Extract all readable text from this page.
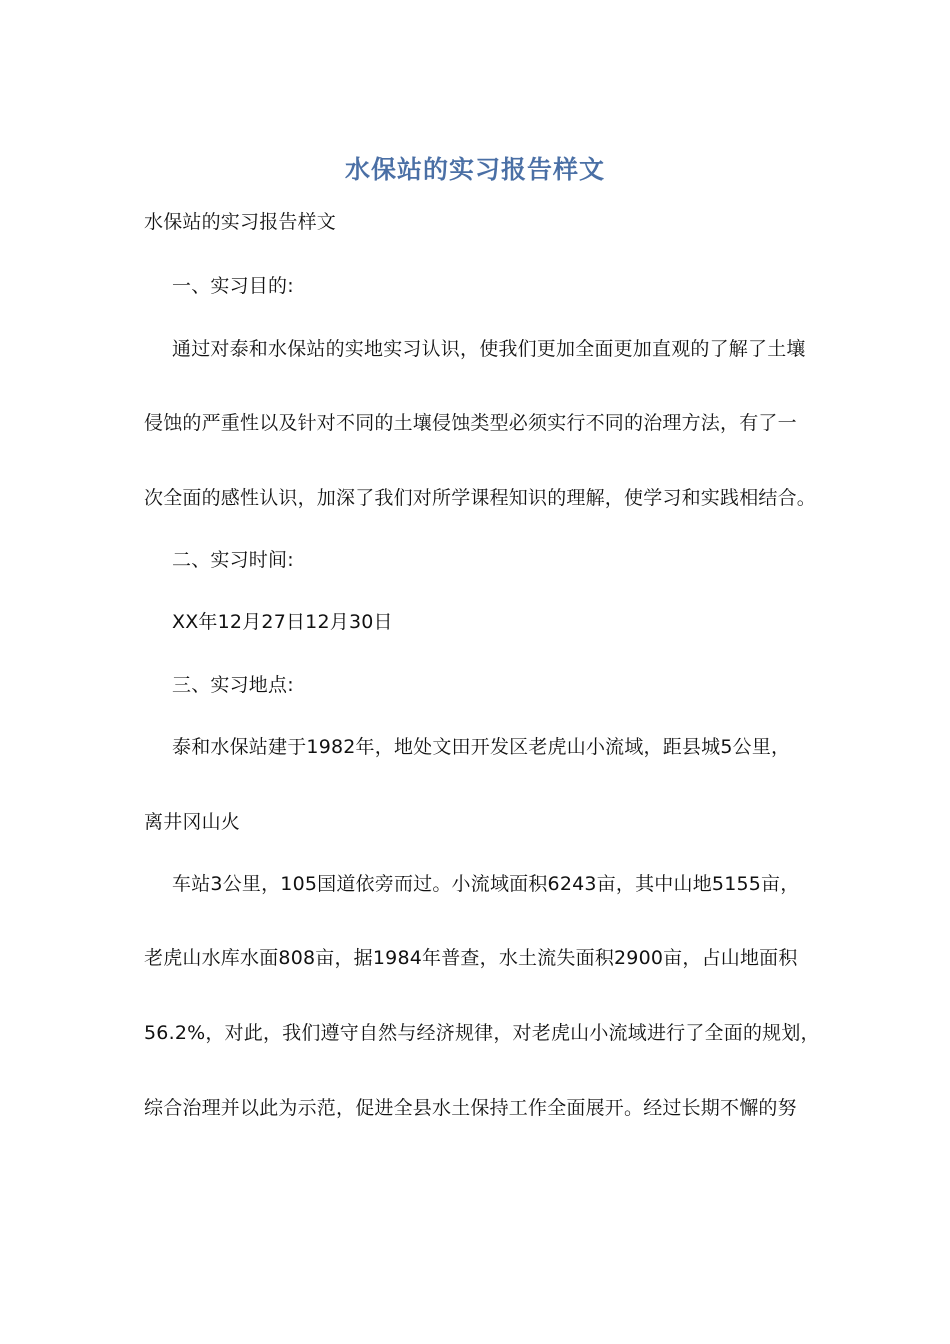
水保站的实习报告样文
水保站的实习报告样文
一、实习目的:
通过对泰和水保站的实地实习认识，使我们更加全面更加直观的了解了土壤
侵蚀的严重性以及针对不同的土壤侵蚀类型必须实行不同的治理方法，有了一
次全面的感性认识，加深了我们对所学课程知识的理解，使学习和实践相结合。
二、实习时间:
XX年12月27日12月30日
三、实习地点:
泰和水保站建于1982年，地处文田开发区老虎山小流域，距县城5公里，
离井冈山火
车站3公里，105国道依旁而过。小流域面积6243亩，其中山地5155亩，
老虎山水库水面808亩，据1984年普查，水土流失面积2900亩，占山地面积
56.2%，对此，我们遵守自然与经济规律，对老虎山小流域进行了全面的规划，
综合治理并以此为示范，促进全县水土保持工作全面展开。经过长期不懈的努
